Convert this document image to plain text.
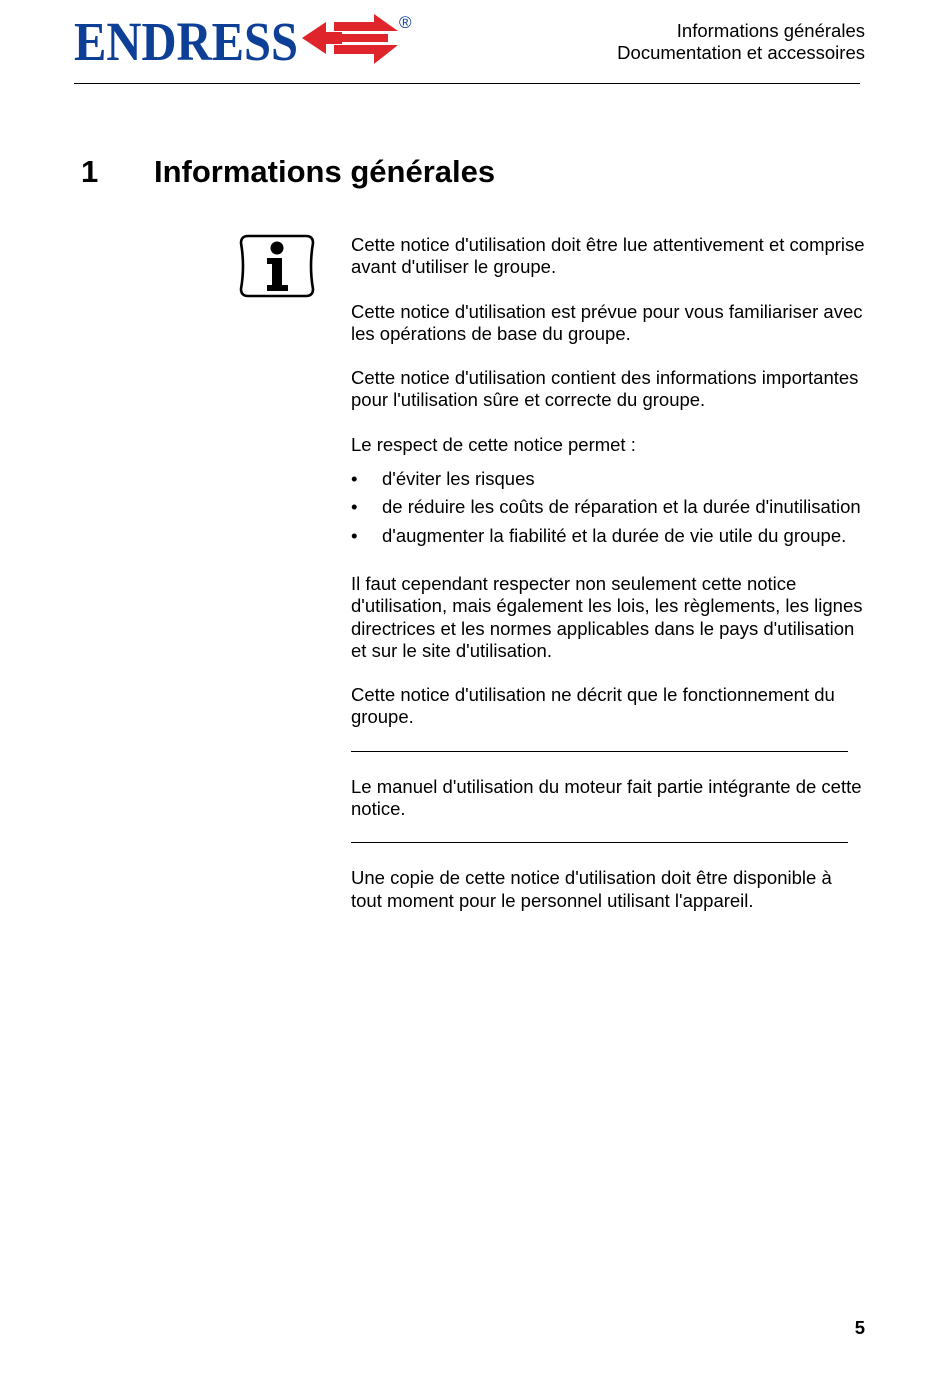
ENDRESS	®	Informations générales
Documentation et accessoires
1 Informations générales

Cette notice d'utilisation doit être lue attentivement et comprise avant d'utiliser le groupe.

Cette notice d'utilisation est prévue pour vous familiariser avec les opérations de base du groupe.

Cette notice d'utilisation contient des informations importantes pour l'utilisation sûre et correcte du groupe.

Le respect de cette notice permet :

• d'éviter les risques
• de réduire les coûts de réparation et la durée d'inutilisation
• d'augmenter la fiabilité et la durée de vie utile du groupe.

Il faut cependant respecter non seulement cette notice d'utilisation, mais également les lois, les règlements, les lignes directrices et les normes applicables dans le pays d'utilisation et sur le site d'utilisation.

Cette notice d'utilisation ne décrit que le fonctionnement du groupe.

Le manuel d'utilisation du moteur fait partie intégrante de cette notice.

Une copie de cette notice d'utilisation doit être disponible à tout moment pour le personnel utilisant l'appareil.

5
